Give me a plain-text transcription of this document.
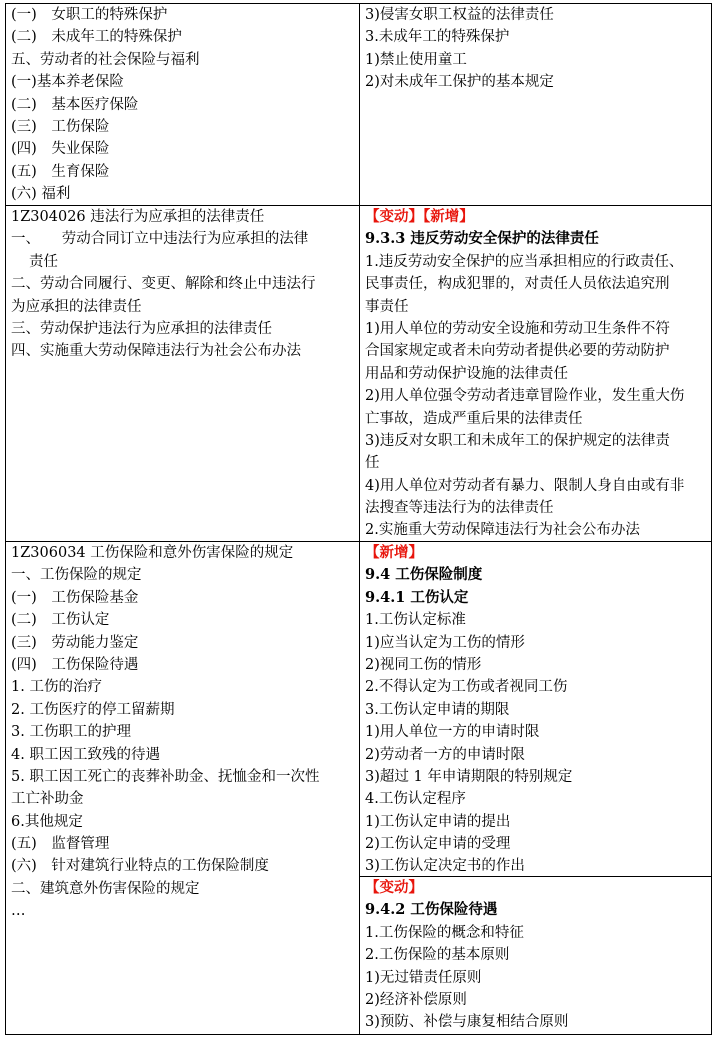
(一)　女职工的特殊保护
(二)　未成年工的特殊保护
五、劳动者的社会保险与福利
(一)基本养老保险
(二)　基本医疗保险
(三)　工伤保险
(四)　失业保险
(五)　生育保险
(六) 福利
3)侵害女职工权益的法律责任
3.未成年工的特殊保护
1)禁止使用童工
2)对未成年工保护的基本规定
1Z304026 违法行为应承担的法律责任
一、　　劳动合同订立中违法行为应承担的法律
责任
二、劳动合同履行、变更、解除和终止中违法行
为应承担的法律责任
三、劳动保护违法行为应承担的法律责任
四、实施重大劳动保障违法行为社会公布办法
【变动】【新增】
9.3.3 违反劳动安全保护的法律责任
1.违反劳动安全保护的应当承担相应的行政责任、
民事责任，构成犯罪的，对责任人员依法追究刑
事责任
1)用人单位的劳动安全设施和劳动卫生条件不符
合国家规定或者未向劳动者提供必要的劳动防护
用品和劳动保护设施的法律责任
2)用人单位强令劳动者违章冒险作业，发生重大伤
亡事故，造成严重后果的法律责任
3)违反对女职工和未成年工的保护规定的法律责
任
4)用人单位对劳动者有暴力、限制人身自由或有非
法搜查等违法行为的法律责任
2.实施重大劳动保障违法行为社会公布办法
1Z306034 工伤保险和意外伤害保险的规定
一、工伤保险的规定
(一)　工伤保险基金
(二)　工伤认定
(三)　劳动能力鉴定
(四)　工伤保险待遇
1. 工伤的治疗
2. 工伤医疗的停工留薪期
3. 工伤职工的护理
4. 职工因工致残的待遇
5. 职工因工死亡的丧葬补助金、抚恤金和一次性
工亡补助金
6.其他规定
(五)　监督管理
(六)　针对建筑行业特点的工伤保险制度
二、建筑意外伤害保险的规定
…
【新增】
9.4 工伤保险制度
9.4.1 工伤认定
1.工伤认定标准
1)应当认定为工伤的情形
2)视同工伤的情形
2.不得认定为工伤或者视同工伤
3.工伤认定申请的期限
1)用人单位一方的申请时限
2)劳动者一方的申请时限
3)超过 1 年申请期限的特别规定
4.工伤认定程序
1)工伤认定申请的提出
2)工伤认定申请的受理
3)工伤认定决定书的作出
【变动】
9.4.2 工伤保险待遇
1.工伤保险的概念和特征
2.工伤保险的基本原则
1)无过错责任原则
2)经济补偿原则
3)预防、补偿与康复相结合原则
